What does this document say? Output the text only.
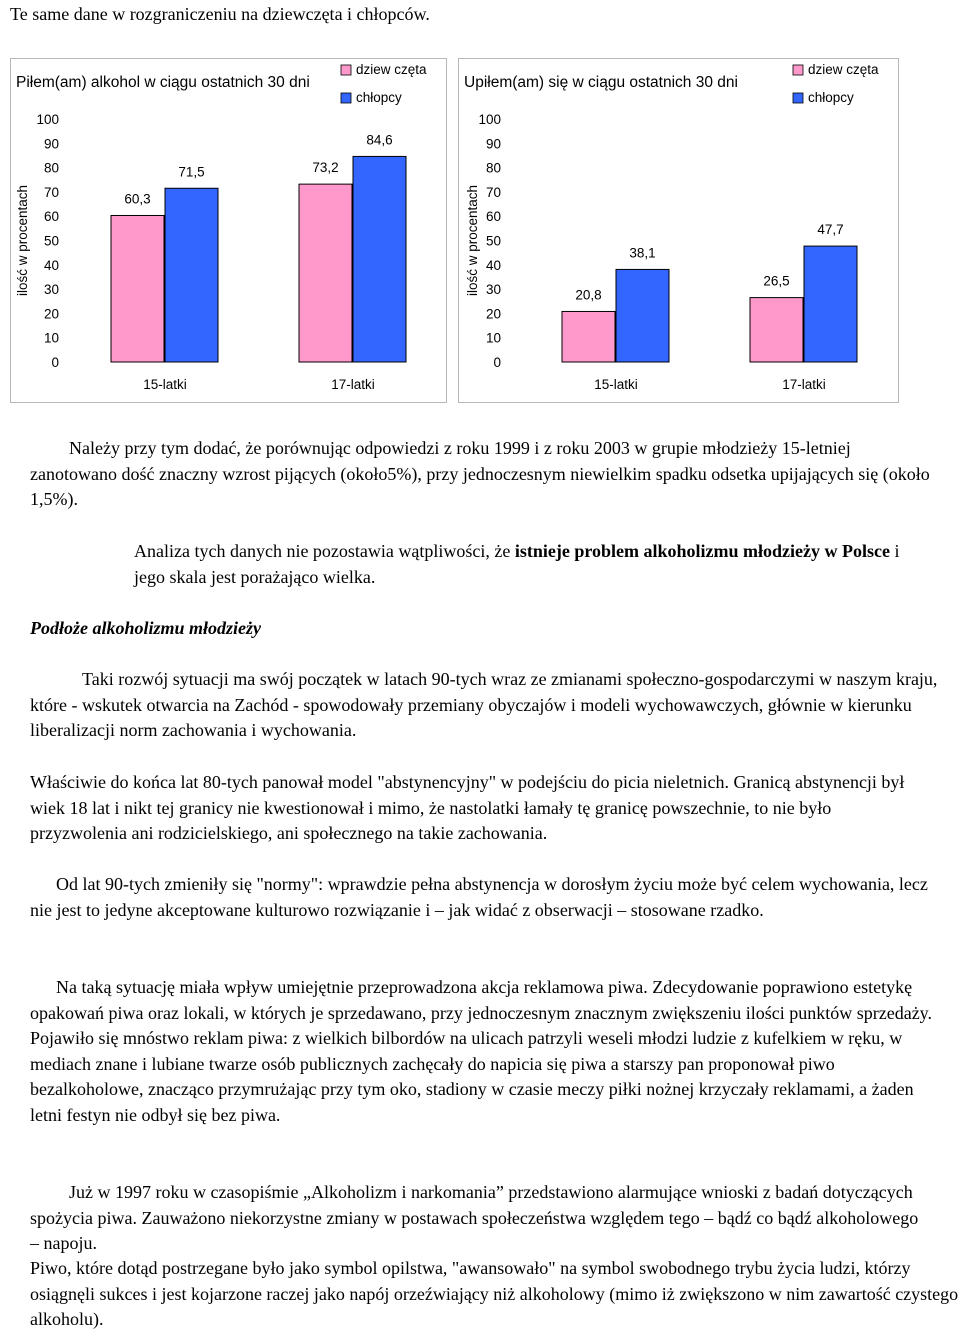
Te same dane w rozgraniczeniu na dziewczęta i chłopców.
Piłem(am) alkohol w ciągu ostatnich 30 dni
dziew częta
chłopcy
ilość w procentach
0
10
20
30
40
50
60
70
80
90
100
60,3
71,5
15-latki
73,2
84,6
17-latki
Upiłem(am) się w ciągu ostatnich 30 dni
dziew częta
chłopcy
ilość w procentach
0
10
20
30
40
50
60
70
80
90
100
20,8
38,1
15-latki
26,5
47,7
17-latki

Należy przy tym dodać, że porównując odpowiedzi z roku 1999 i z roku 2003 w grupie młodzieży 15-letniej zanotowano dość znaczny wzrost pijących (około5%), przy jednoczesnym niewielkim spadku odsetka upijających się (około 1,5%).

Analiza tych danych nie pozostawia wątpliwości, że istnieje problem alkoholizmu młodzieży w Polsce i jego skala jest porażająco wielka.

Podłoże alkoholizmu młodzieży

Taki rozwój sytuacji ma swój początek w latach 90-tych wraz ze zmianami społeczno-gospodarczymi w naszym kraju, które - wskutek otwarcia na Zachód - spowodowały przemiany obyczajów i modeli wychowawczych, głównie w kierunku liberalizacji norm zachowania i wychowania.

Właściwie do końca lat 80-tych panował model "abstynencyjny" w podejściu do picia nieletnich. Granicą abstynencji był wiek 18 lat i nikt tej granicy nie kwestionował i mimo, że nastolatki łamały tę granicę powszechnie, to nie było przyzwolenia ani rodzicielskiego, ani społecznego na takie zachowania.

Od lat 90-tych zmieniły się "normy": wprawdzie pełna abstynencja w dorosłym życiu może być celem wychowania, lecz nie jest to jedyne akceptowane kulturowo rozwiązanie i – jak widać z obserwacji – stosowane rzadko.

Na taką sytuację miała wpływ umiejętnie przeprowadzona akcja reklamowa piwa. Zdecydowanie poprawiono estetykę opakowań piwa oraz lokali, w których je sprzedawano, przy jednoczesnym znacznym zwiększeniu ilości punktów sprzedaży. Pojawiło się mnóstwo reklam piwa: z wielkich bilbordów na ulicach patrzyli weseli młodzi ludzie z kufelkiem w ręku, w mediach znane i lubiane twarze osób publicznych zachęcały do napicia się piwa a starszy pan proponował piwo bezalkoholowe, znacząco przymrużając przy tym oko, stadiony w czasie meczy piłki nożnej krzyczały reklamami, a żaden letni festyn nie odbył się bez piwa.

Już w 1997 roku w czasopiśmie „Alkoholizm i narkomania” przedstawiono alarmujące wnioski z badań dotyczących spożycia piwa. Zauważono niekorzystne zmiany w postawach społeczeństwa względem tego – bądź co bądź alkoholowego – napoju.

Piwo, które dotąd postrzegane było jako symbol opilstwa, "awansowało" na symbol swobodnego trybu życia ludzi, którzy osiągnęli sukces i jest kojarzone raczej jako napój orzeźwiający niż alkoholowy (mimo iż zwiększono w nim zawartość czystego alkoholu).
